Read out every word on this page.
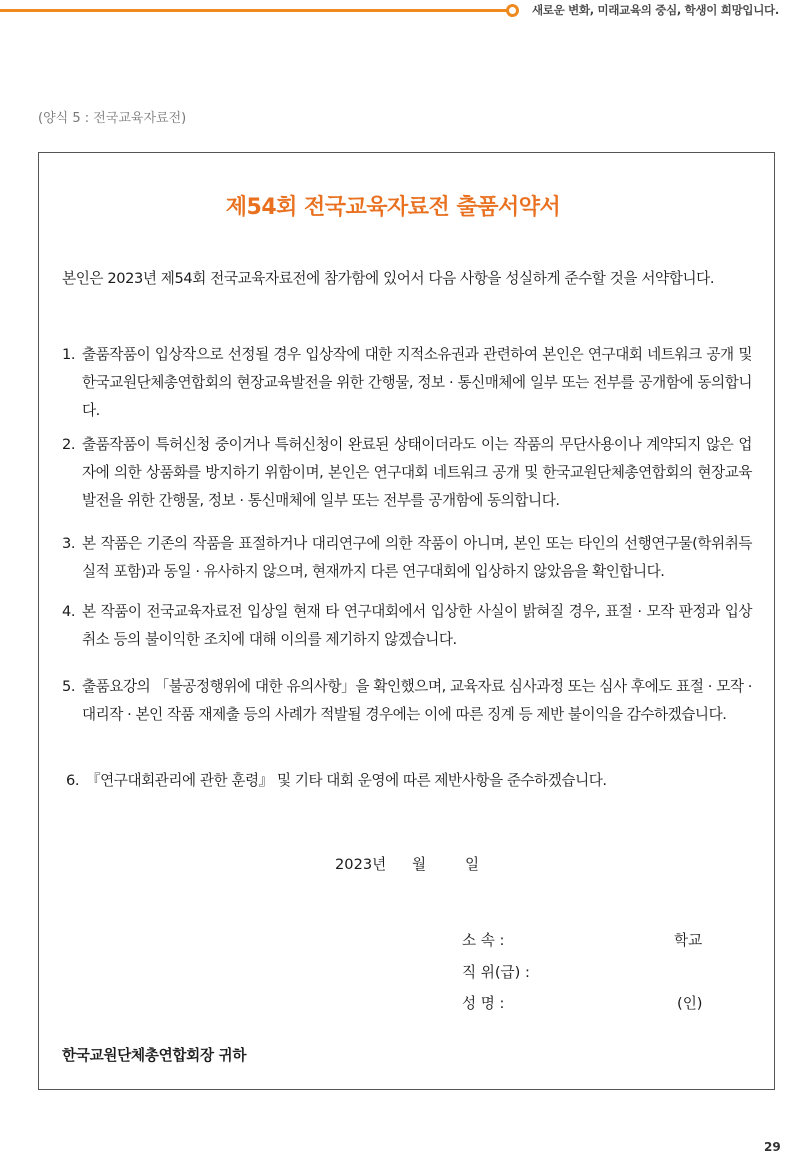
새로운 변화, 미래교육의 중심, 학생이 희망입니다.
(양식 5 : 전국교육자료전)
제54회 전국교육자료전 출품서약서
본인은 2023년 제54회 전국교육자료전에 참가함에 있어서 다음 사항을 성실하게 준수할 것을 서약합니다.
1. 출품작품이 입상작으로 선정될 경우 입상작에 대한 지적소유권과 관련하여 본인은 연구대회 네트워크 공개 및 한국교원단체총연합회의 현장교육발전을 위한 간행물, 정보 · 통신매체에 일부 또는 전부를 공개함에 동의합니다.
2. 출품작품이 특허신청 중이거나 특허신청이 완료된 상태이더라도 이는 작품의 무단사용이나 계약되지 않은 업자에 의한 상품화를 방지하기 위함이며, 본인은 연구대회 네트워크 공개 및 한국교원단체총연합회의 현장교육발전을 위한 간행물, 정보 · 통신매체에 일부 또는 전부를 공개함에 동의합니다.
3. 본 작품은 기존의 작품을 표절하거나 대리연구에 의한 작품이 아니며, 본인 또는 타인의 선행연구물(학위취득실적 포함)과 동일 · 유사하지 않으며, 현재까지 다른 연구대회에 입상하지 않았음을 확인합니다.
4. 본 작품이 전국교육자료전 입상일 현재 타 연구대회에서 입상한 사실이 밝혀질 경우, 표절 · 모작 판정과 입상취소 등의 불이익한 조치에 대해 이의를 제기하지 않겠습니다.
5. 출품요강의 「불공정행위에 대한 유의사항」을 확인했으며, 교육자료 심사과정 또는 심사 후에도 표절 · 모작 · 대리작 · 본인 작품 재제출 등의 사례가 적발될 경우에는 이에 따른 징계 등 제반 불이익을 감수하겠습니다.
6. 『연구대회관리에 관한 훈령』 및 기타 대회 운영에 따른 제반사항을 준수하겠습니다.
2023년 월	일
소 속 :	학교
직 위(급) :
성 명 :	(인)
한국교원단체총연합회장 귀하
29
